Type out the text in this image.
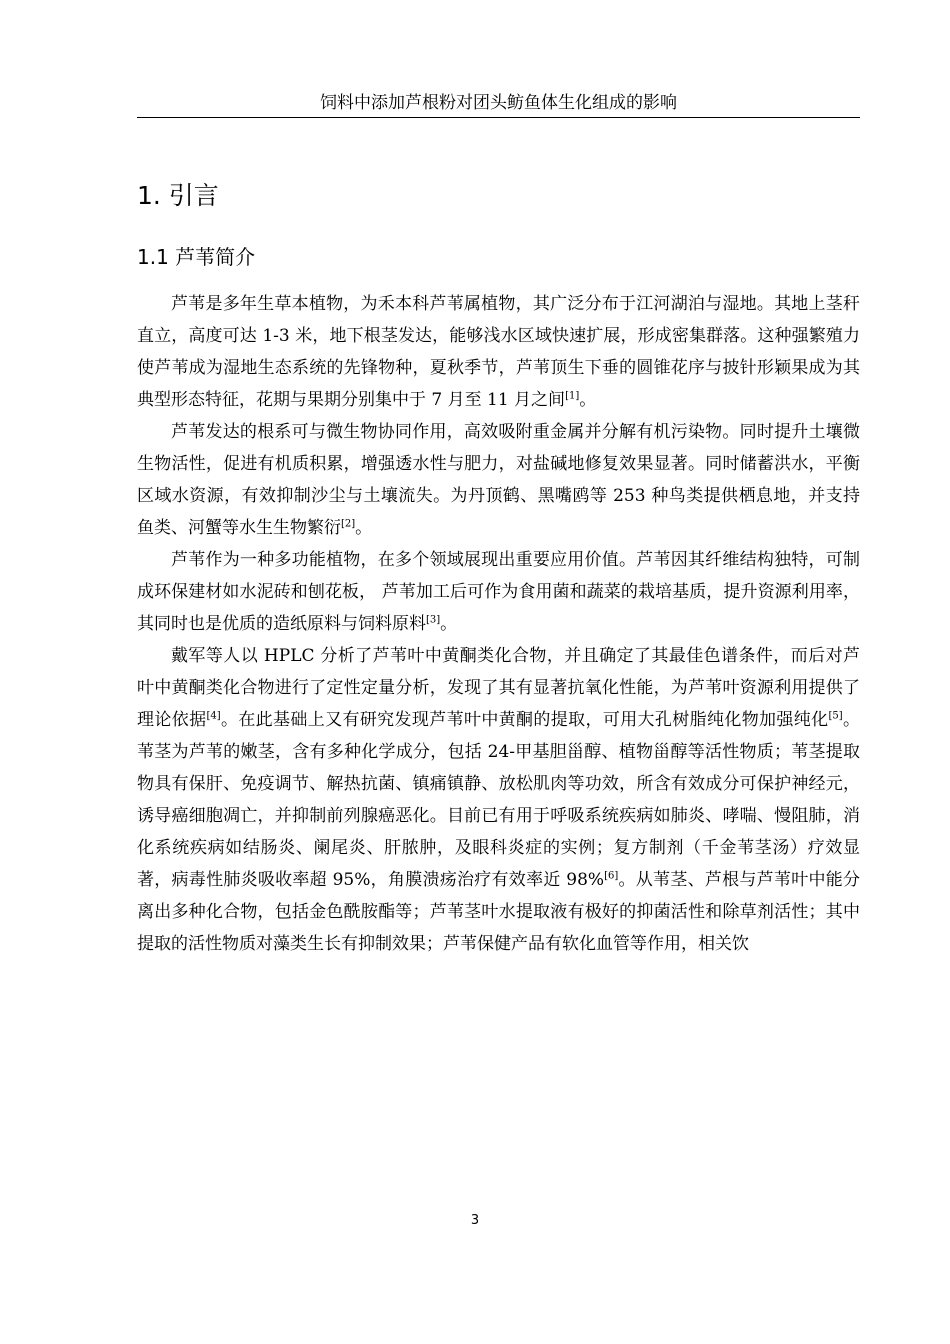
饲料中添加芦根粉对团头鲂鱼体生化组成的影响
1. 引言
1.1 芦苇简介

芦苇是多年生草本植物，为禾本科芦苇属植物，其广泛分布于江河湖泊与湿地。其地上茎秆直立，高度可达 1-3 米，地下根茎发达，能够浅水区域快速扩展，形成密集群落。这种强繁殖力使芦苇成为湿地生态系统的先锋物种，夏秋季节，芦苇顶生下垂的圆锥花序与披针形颖果成为其典型形态特征，花期与果期分别集中于 7 月至 11 月之间[1]。

芦苇发达的根系可与微生物协同作用，高效吸附重金属并分解有机污染物。同时提升土壤微生物活性，促进有机质积累，增强透水性与肥力，对盐碱地修复效果显著。同时储蓄洪水，平衡区域水资源，有效抑制沙尘与土壤流失。为丹顶鹤、黑嘴鸥等 253 种鸟类提供栖息地，并支持鱼类、河蟹等水生生物繁衍[2]。

芦苇作为一种多功能植物，在多个领域展现出重要应用价值。芦苇因其纤维结构独特，可制成环保建材如水泥砖和刨花板， 芦苇加工后可作为食用菌和蔬菜的栽培基质，提升资源利用率，其同时也是优质的造纸原料与饲料原料[3]。

戴军等人以 HPLC 分析了芦苇叶中黄酮类化合物，并且确定了其最佳色谱条件，而后对芦叶中黄酮类化合物进行了定性定量分析，发现了其有显著抗氧化性能，为芦苇叶资源利用提供了理论依据[4]。在此基础上又有研究发现芦苇叶中黄酮的提取，可用大孔树脂纯化物加强纯化[5]。苇茎为芦苇的嫩茎，含有多种化学成分，包括 24-甲基胆甾醇、植物甾醇等活性物质；苇茎提取物具有保肝、免疫调节、解热抗菌、镇痛镇静、放松肌肉等功效，所含有效成分可保护神经元，诱导癌细胞凋亡，并抑制前列腺癌恶化。目前已有用于呼吸系统疾病如肺炎、哮喘、慢阻肺，消化系统疾病如结肠炎、阑尾炎、肝脓肿，及眼科炎症的实例；复方制剂（千金苇茎汤）疗效显著，病毒性肺炎吸收率超 95%，角膜溃疡治疗有效率近 98%[6]。从苇茎、芦根与芦苇叶中能分离出多种化合物，包括金色酰胺酯等；芦苇茎叶水提取液有极好的抑菌活性和除草剂活性；其中提取的活性物质对藻类生长有抑制效果；芦苇保健产品有软化血管等作用，相关饮

3
